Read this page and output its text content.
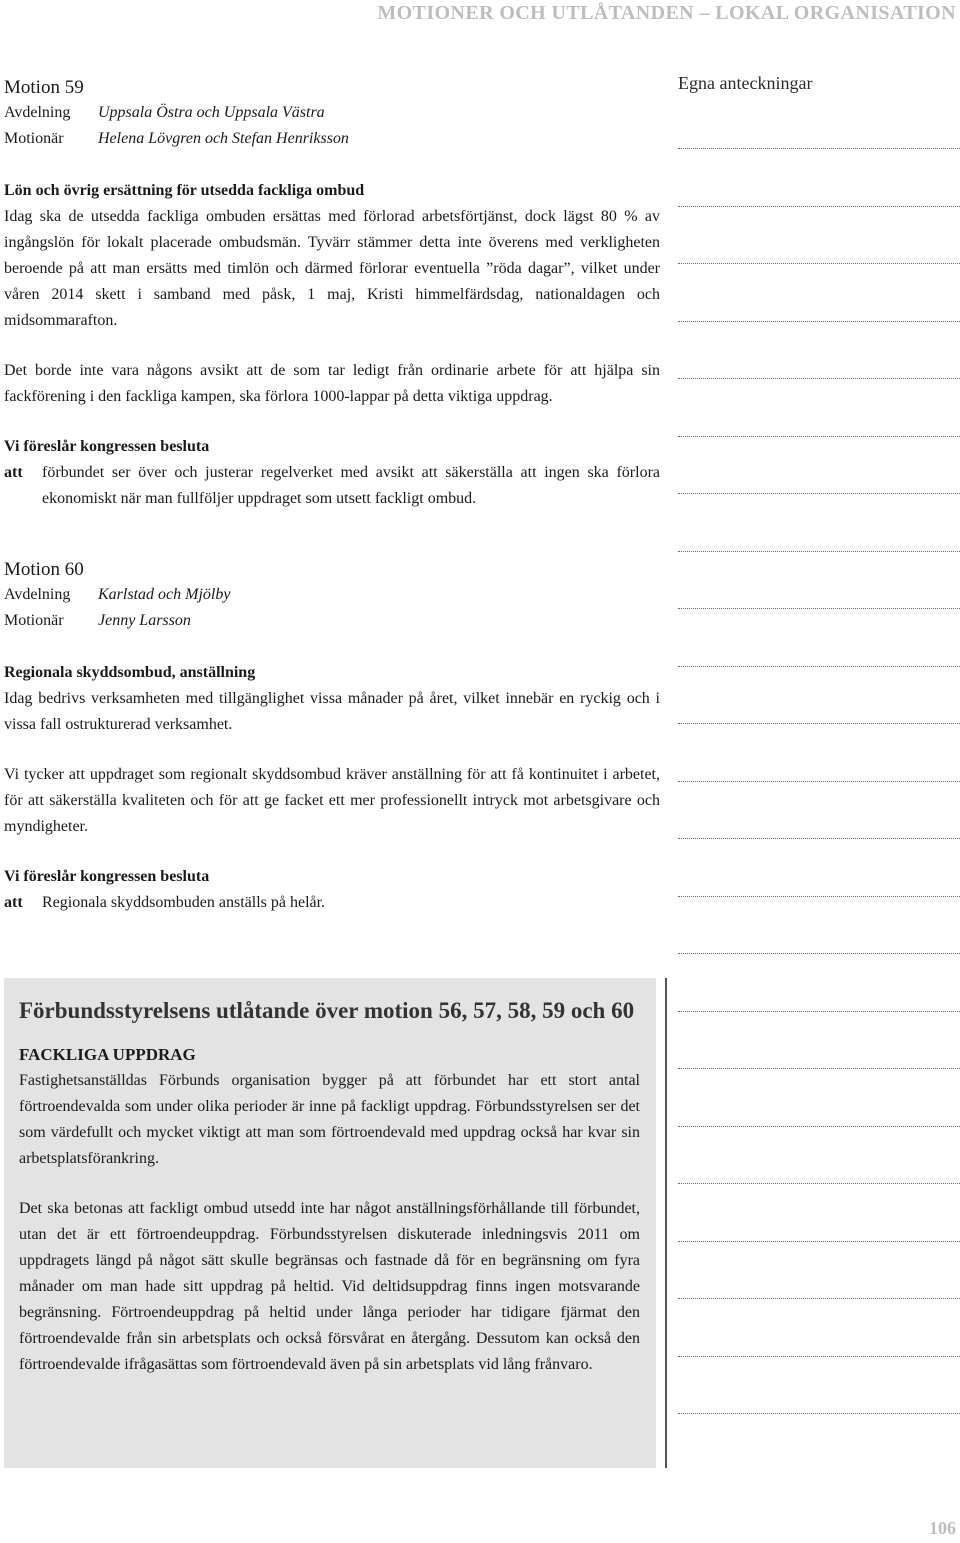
MOTIONER OCH UTLÅTANDEN – LOKAL ORGANISATION
Egna anteckningar
Motion 59
Avdelning Uppsala Östra och Uppsala Västra
Motionär Helena Lövgren och Stefan Henriksson

Lön och övrig ersättning för utsedda fackliga ombud

Idag ska de utsedda fackliga ombuden ersättas med förlorad arbetsförtjänst, dock lägst 80 % av ingångslön för lokalt placerade ombudsmän. Tyvärr stämmer detta inte överens med verkligheten beroende på att man ersätts med timlön och därmed förlorar eventuella ”röda dagar”, vilket under våren 2014 skett i samband med påsk, 1 maj, Kristi himmelfärdsdag, nationaldagen och midsommarafton.

Det borde inte vara någons avsikt att de som tar ledigt från ordinarie arbete för att hjälpa sin fackförening i den fackliga kampen, ska förlora 1000-lappar på detta viktiga uppdrag.

Vi föreslår kongressen besluta

att	förbundet ser över och justerar regelverket med avsikt att säkerställa att ingen ska förlora ekonomiskt när man fullföljer uppdraget som utsett fackligt ombud.
Motion 60
Avdelning Karlstad och Mjölby
Motionär Jenny Larsson

Regionala skyddsombud, anställning

Idag bedrivs verksamheten med tillgänglighet vissa månader på året, vilket innebär en ryckig och i vissa fall ostrukturerad verksamhet.

Vi tycker att uppdraget som regionalt skyddsombud kräver anställning för att få kontinuitet i arbetet, för att säkerställa kvaliteten och för att ge facket ett mer professionellt intryck mot arbetsgivare och myndigheter.

Vi föreslår kongressen besluta

att	Regionala skyddsombuden anställs på helår.

Förbundsstyrelsens utlåtande över motion 56, 57, 58, 59 och 60

FACKLIGA UPPDRAG

Fastighetsanställdas Förbunds organisation bygger på att förbundet har ett stort antal förtroendevalda som under olika perioder är inne på fackligt uppdrag. Förbundsstyrelsen ser det som värdefullt och mycket viktigt att man som förtroendevald med uppdrag också har kvar sin arbetsplatsförankring.

Det ska betonas att fackligt ombud utsedd inte har något anställningsförhållande till förbundet, utan det är ett förtroendeuppdrag. Förbundsstyrelsen diskuterade inledningsvis 2011 om uppdragets längd på något sätt skulle begränsas och fastnade då för en begränsning om fyra månader om man hade sitt uppdrag på heltid. Vid deltidsuppdrag finns ingen motsvarande begränsning. Förtroendeuppdrag på heltid under långa perioder har tidigare fjärmat den förtroendevalde från sin arbetsplats och också försvårat en återgång. Dessutom kan också den förtroendevalde ifrågasättas som förtroendevald även på sin arbetsplats vid lång frånvaro.

106
